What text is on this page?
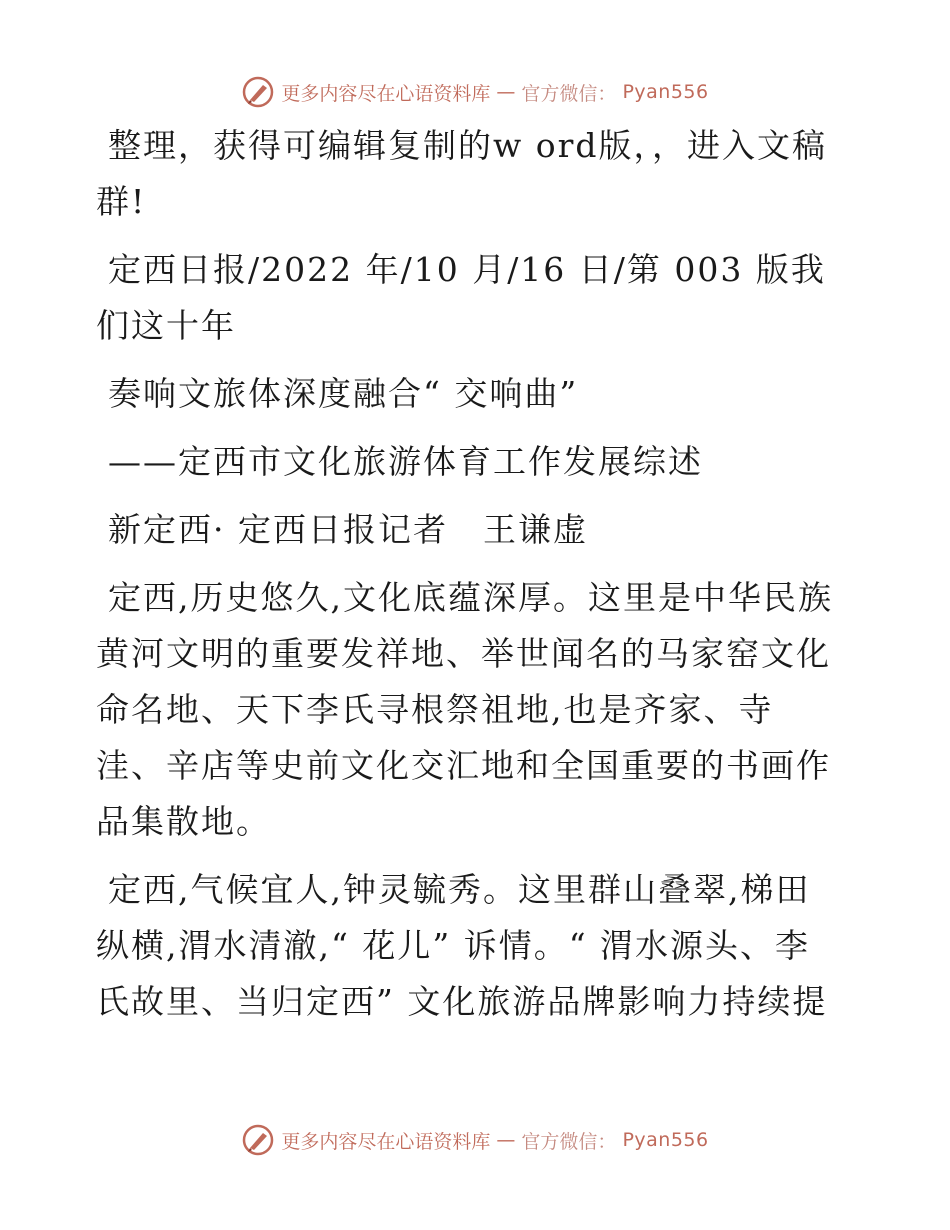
更多内容尽在心语资料库 — 官方微信： Pyan556

整理，获得可编辑复制的w ord版，，进入文稿群!

定西日报/2022 年/10 月/16 日/第 003 版我们这十年

奏响文旅体深度融合“ 交响曲”

——定西市文化旅游体育工作发展综述

新定西· 定西日报记者　王谦虚

定西,历史悠久,文化底蕴深厚。这里是中华民族黄河文明的重要发祥地、举世闻名的马家窑文化命名地、天下李氏寻根祭祖地,也是齐家、寺洼、辛店等史前文化交汇地和全国重要的书画作品集散地。

定西,气候宜人,钟灵毓秀。这里群山叠翠,梯田纵横,渭水清澈,“ 花儿” 诉情。“ 渭水源头、李氏故里、当归定西” 文化旅游品牌影响力持续提

更多内容尽在心语资料库 — 官方微信： Pyan556
